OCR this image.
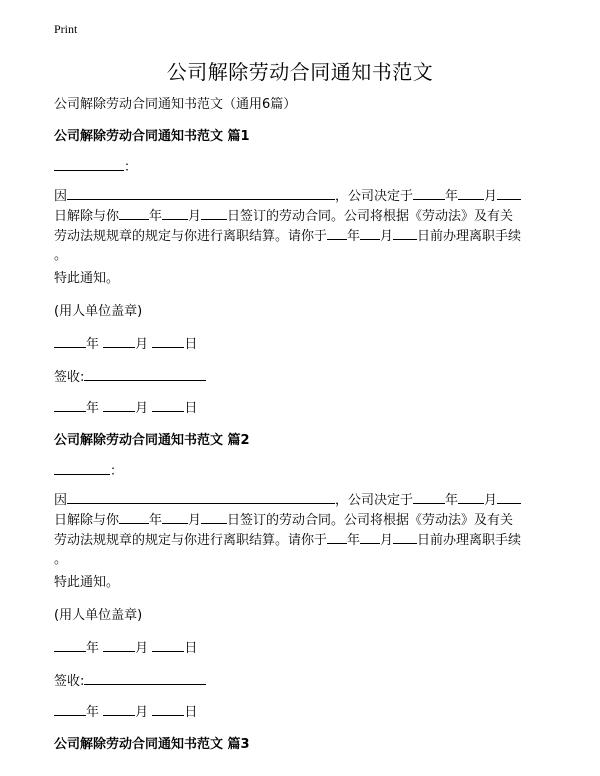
Print
公司解除劳动合同通知书范文
公司解除劳动合同通知书范文（通用6篇）
公司解除劳动合同通知书范文 篇1
：
因	，公司决定于 年 月
日解除与你 年 月 日签订的劳动合同。公司将根据《劳动法》及有关
劳动法规规章的规定与你进行离职结算。请你于 年 月 日前办理离职手续
。
特此通知。
(用人单位盖章)
年	月	日
签收:
年	月	日
公司解除劳动合同通知书范文 篇2
：
因	，公司决定于 年 月
日解除与你 年 月 日签订的劳动合同。公司将根据《劳动法》及有关
劳动法规规章的规定与你进行离职结算。请你于 年 月 日前办理离职手续
。
特此通知。
(用人单位盖章)
年	月	日
签收:
年	月	日
公司解除劳动合同通知书范文 篇3
